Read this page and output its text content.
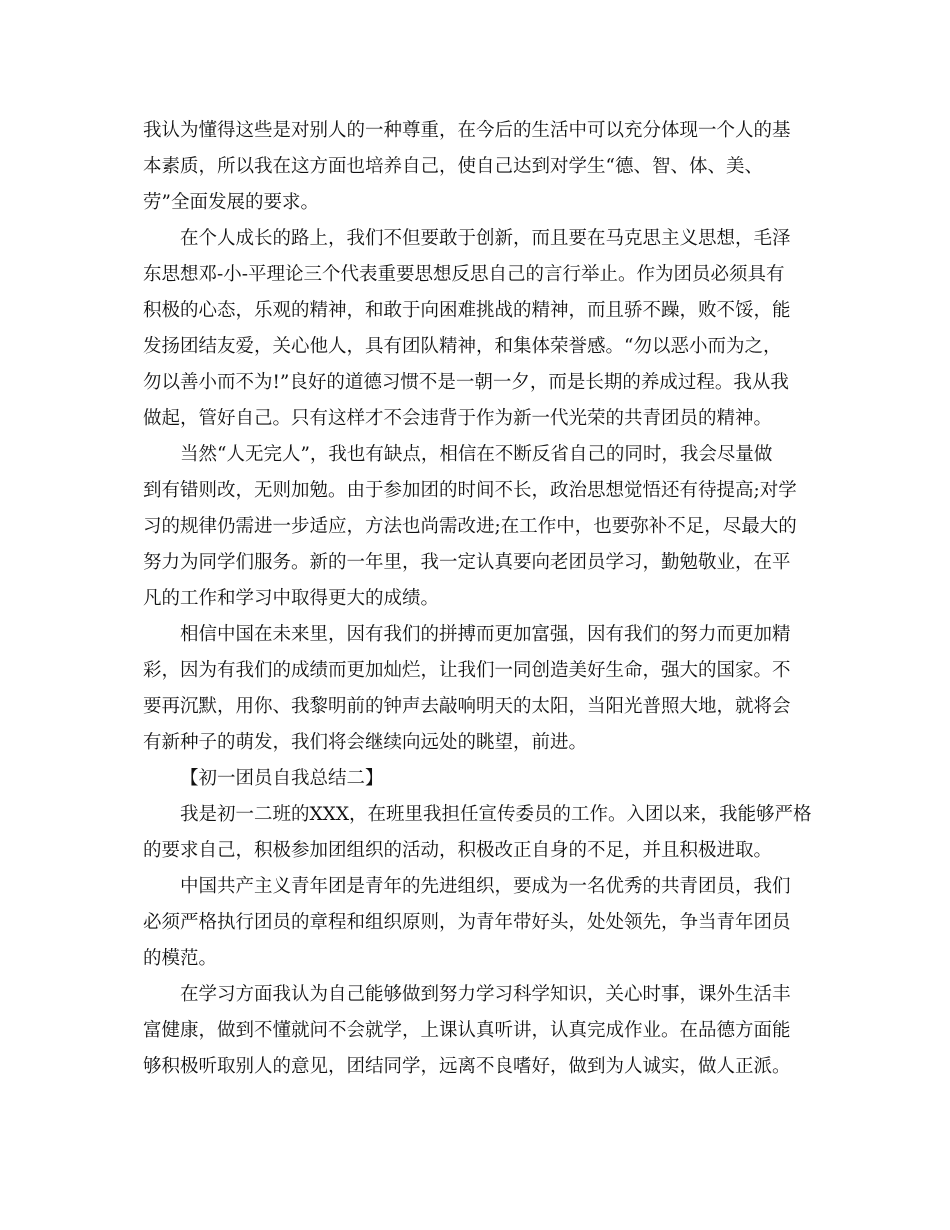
我认为懂得这些是对别人的一种尊重，在今后的生活中可以充分体现一个人的基
本素质，所以我在这方面也培养自己，使自己达到对学生“德、智、体、美、
劳”全面发展的要求。
在个人成长的路上，我们不但要敢于创新，而且要在马克思主义思想，毛泽
东思想邓-小-平理论三个代表重要思想反思自己的言行举止。作为团员必须具有
积极的心态，乐观的精神，和敢于向困难挑战的精神，而且骄不躁，败不馁，能
发扬团结友爱，关心他人，具有团队精神，和集体荣誉感。“勿以恶小而为之，
勿以善小而不为!”良好的道德习惯不是一朝一夕，而是长期的养成过程。我从我
做起，管好自己。只有这样才不会违背于作为新一代光荣的共青团员的精神。
当然“人无完人”，我也有缺点，相信在不断反省自己的同时，我会尽量做
到有错则改，无则加勉。由于参加团的时间不长，政治思想觉悟还有待提高;对学
习的规律仍需进一步适应，方法也尚需改进;在工作中，也要弥补不足，尽最大的
努力为同学们服务。新的一年里，我一定认真要向老团员学习，勤勉敬业，在平
凡的工作和学习中取得更大的成绩。
相信中国在未来里，因有我们的拼搏而更加富强，因有我们的努力而更加精
彩，因为有我们的成绩而更加灿烂，让我们一同创造美好生命，强大的国家。不
要再沉默，用你、我黎明前的钟声去敲响明天的太阳，当阳光普照大地，就将会
有新种子的萌发，我们将会继续向远处的眺望，前进。
【初一团员自我总结二】
我是初一二班的XXX，在班里我担任宣传委员的工作。入团以来，我能够严格
的要求自己，积极参加团组织的活动，积极改正自身的不足，并且积极进取。
中国共产主义青年团是青年的先进组织，要成为一名优秀的共青团员，我们
必须严格执行团员的章程和组织原则，为青年带好头，处处领先，争当青年团员
的模范。
在学习方面我认为自己能够做到努力学习科学知识，关心时事，课外生活丰
富健康，做到不懂就问不会就学，上课认真听讲，认真完成作业。在品德方面能
够积极听取别人的意见，团结同学，远离不良嗜好，做到为人诚实，做人正派。
